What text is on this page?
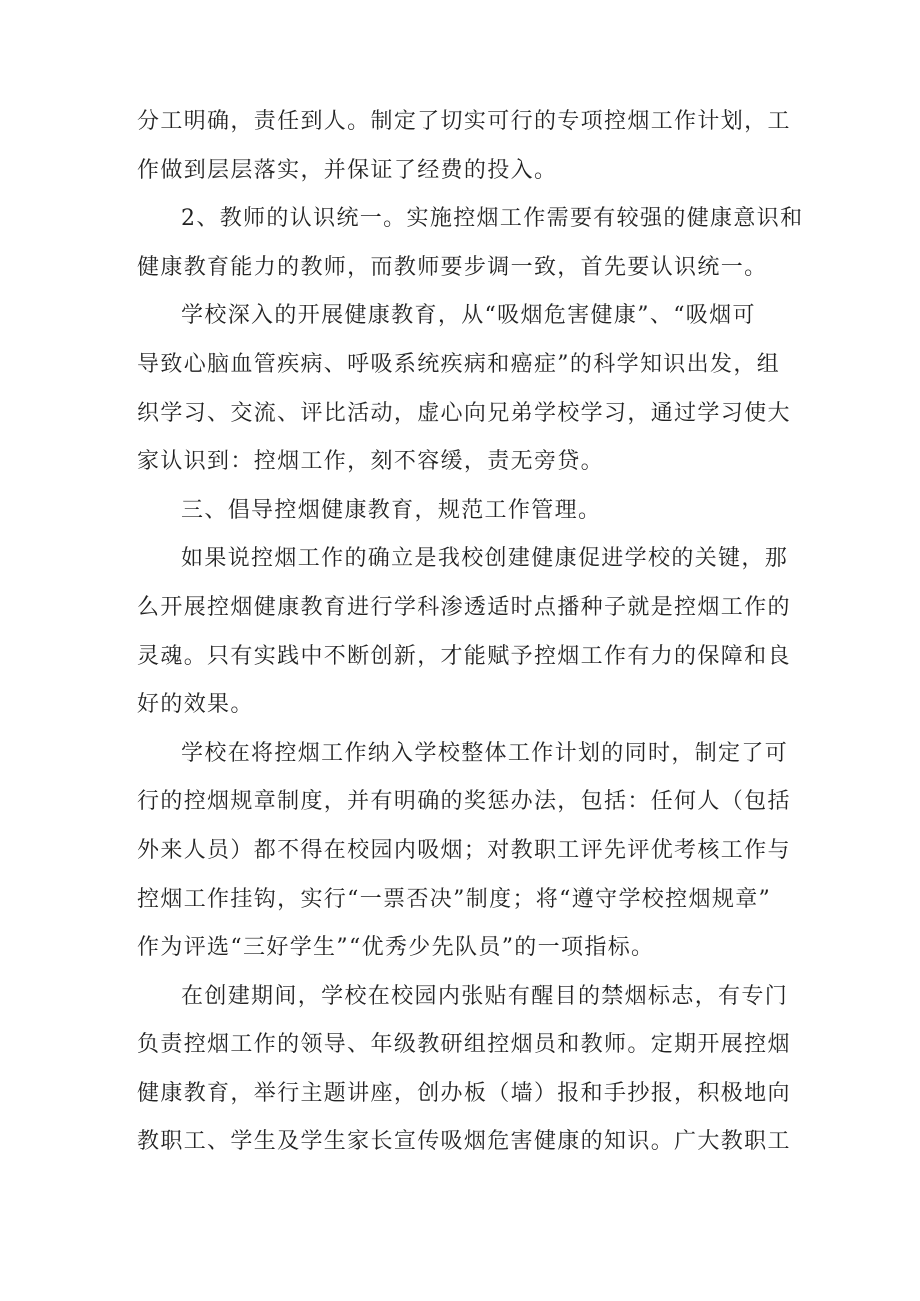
分工明确，责任到人。制定了切实可行的专项控烟工作计划，工
作做到层层落实，并保证了经费的投入。

2、教师的认识统一。实施控烟工作需要有较强的健康意识和
健康教育能力的教师，而教师要步调一致，首先要认识统一。

学校深入的开展健康教育，从“吸烟危害健康”、“吸烟可
导致心脑血管疾病、呼吸系统疾病和癌症”的科学知识出发，组
织学习、交流、评比活动，虚心向兄弟学校学习，通过学习使大
家认识到：控烟工作，刻不容缓，责无旁贷。

三、倡导控烟健康教育，规范工作管理。

如果说控烟工作的确立是我校创建健康促进学校的关键，那
么开展控烟健康教育进行学科渗透适时点播种子就是控烟工作的
灵魂。只有实践中不断创新，才能赋予控烟工作有力的保障和良
好的效果。

学校在将控烟工作纳入学校整体工作计划的同时，制定了可
行的控烟规章制度，并有明确的奖惩办法，包括：任何人（包括
外来人员）都不得在校园内吸烟；对教职工评先评优考核工作与
控烟工作挂钩，实行“一票否决”制度；将“遵守学校控烟规章”
作为评选“三好学生”“优秀少先队员”的一项指标。

在创建期间，学校在校园内张贴有醒目的禁烟标志，有专门
负责控烟工作的领导、年级教研组控烟员和教师。定期开展控烟
健康教育，举行主题讲座，创办板（墙）报和手抄报，积极地向
教职工、学生及学生家长宣传吸烟危害健康的知识。广大教职工
